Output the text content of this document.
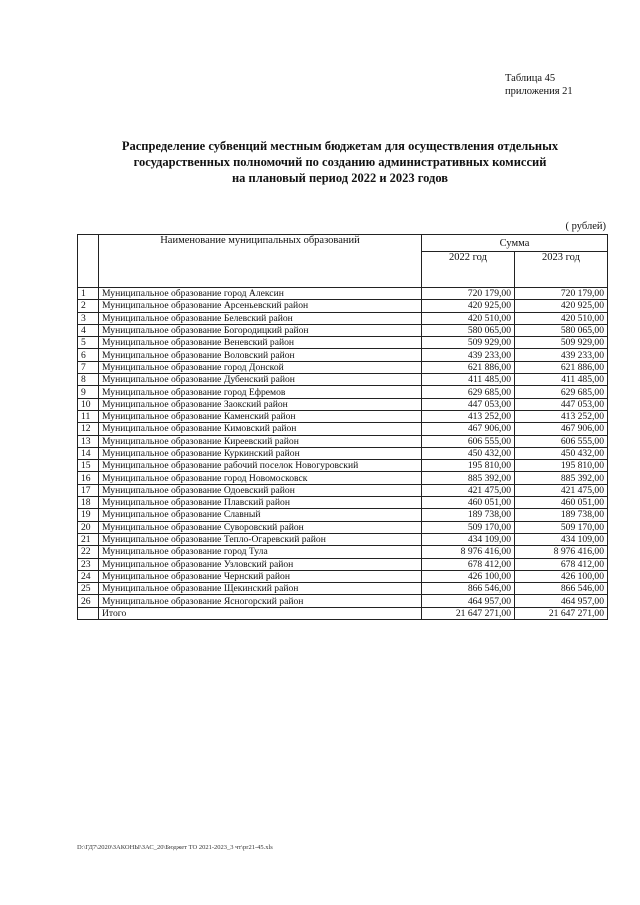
Таблица 45
приложения 21
Распределение субвенций местным бюджетам для осуществления отдельных
государственных полномочий по созданию административных комиссий
на плановый период 2022 и 2023 годов
( рублей)
	Наименование муниципальных образований	Сумма	
		2022 год	2023 год
1	Муниципальное образование город Алексин	720 179,00	720 179,00
2	Муниципальное образование Арсеньевский район	420 925,00	420 925,00
3	Муниципальное образование Белевский район	420 510,00	420 510,00
4	Муниципальное образование Богородицкий район	580 065,00	580 065,00
5	Муниципальное образование Веневский район	509 929,00	509 929,00
6	Муниципальное образование Воловский район	439 233,00	439 233,00
7	Муниципальное образование город Донской	621 886,00	621 886,00
8	Муниципальное образование Дубенский район	411 485,00	411 485,00
9	Муниципальное образование город Ефремов	629 685,00	629 685,00
10	Муниципальное образование Заокский район	447 053,00	447 053,00
11	Муниципальное образование Каменский район	413 252,00	413 252,00
12	Муниципальное образование Кимовский район	467 906,00	467 906,00
13	Муниципальное образование Киреевский район	606 555,00	606 555,00
14	Муниципальное образование Куркинский район	450 432,00	450 432,00
15	Муниципальное образование рабочий поселок Новогуровский	195 810,00	195 810,00
16	Муниципальное образование город Новомосковск	885 392,00	885 392,00
17	Муниципальное образование Одоевский район	421 475,00	421 475,00
18	Муниципальное образование Плавский район	460 051,00	460 051,00
19	Муниципальное образование Славный	189 738,00	189 738,00
20	Муниципальное образование Суворовский район	509 170,00	509 170,00
21	Муниципальное образование Тепло-Огаревский район	434 109,00	434 109,00
22	Муниципальное образование город Тула	8 976 416,00	8 976 416,00
23	Муниципальное образование Узловский район	678 412,00	678 412,00
24	Муниципальное образование Чернский район	426 100,00	426 100,00
25	Муниципальное образование Щекинский район	866 546,00	866 546,00
26	Муниципальное образование Ясногорский район	464 957,00	464 957,00
	Итого	21 647 271,00	21 647 271,00
D:\ГД7\2020\ЗАКОНЫ\ЗАС_20\Бюджет ТО 2021-2023_3 чт\pr21-45.xls
